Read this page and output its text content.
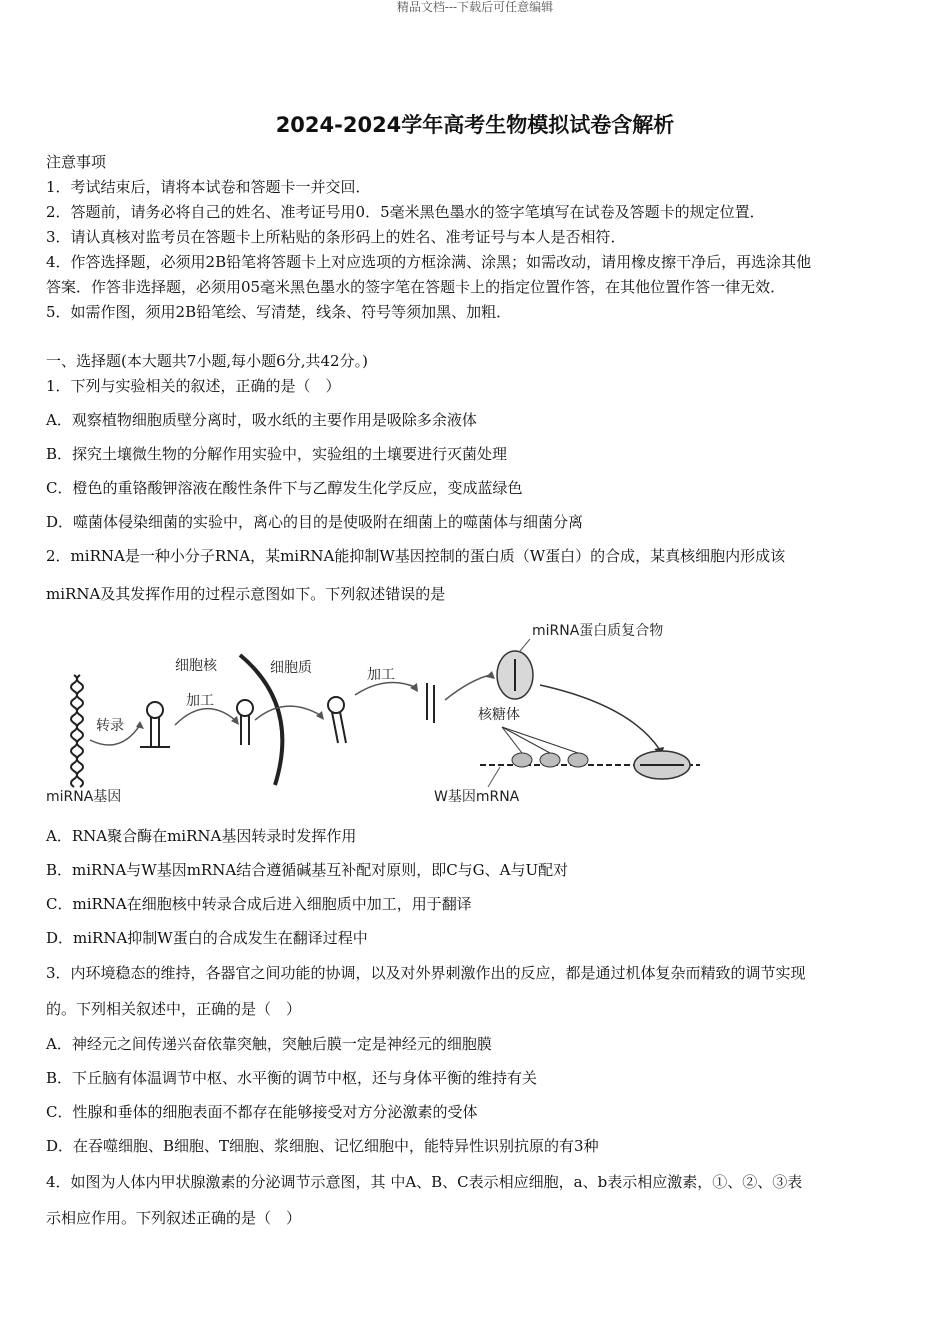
精品文档---下载后可任意编辑
2024-2024学年高考生物模拟试卷含解析
注意事项
1．考试结束后，请将本试卷和答题卡一并交回．
2．答题前，请务必将自己的姓名、准考证号用0．5毫米黑色墨水的签字笔填写在试卷及答题卡的规定位置．
3．请认真核对监考员在答题卡上所粘贴的条形码上的姓名、准考证号与本人是否相符．
4．作答选择题，必须用2B铅笔将答题卡上对应选项的方框涂满、涂黑；如需改动，请用橡皮擦干净后，再选涂其他
答案．作答非选择题，必须用05毫米黑色墨水的签字笔在答题卡上的指定位置作答，在其他位置作答一律无效．
5．如需作图，须用2B铅笔绘、写清楚，线条、符号等须加黑、加粗．
一、选择题(本大题共7小题,每小题6分,共42分。)
1．下列与实验相关的叙述，正确的是（　）
A．观察植物细胞质壁分离时，吸水纸的主要作用是吸除多余液体
B．探究土壤微生物的分解作用实验中，实验组的土壤要进行灭菌处理
C．橙色的重铬酸钾溶液在酸性条件下与乙醇发生化学反应，变成蓝绿色
D．噬菌体侵染细菌的实验中，离心的目的是使吸附在细菌上的噬菌体与细菌分离
2．miRNA是一种小分子RNA，某miRNA能抑制W基因控制的蛋白质（W蛋白）的合成，某真核细胞内形成该
miRNA及其发挥作用的过程示意图如下。下列叙述错误的是
转录
加工
细胞核	细胞质	加工
miRNA蛋白质复合物
核糖体
miRNA基因	W基因mRNA
A．RNA聚合酶在miRNA基因转录时发挥作用
B．miRNA与W基因mRNA结合遵循碱基互补配对原则，即C与G、A与U配对
C．miRNA在细胞核中转录合成后进入细胞质中加工，用于翻译
D．miRNA抑制W蛋白的合成发生在翻译过程中
3．内环境稳态的维持，各器官之间功能的协调，以及对外界刺激作出的反应，都是通过机体复杂而精致的调节实现
的。下列相关叙述中，正确的是（　）
A．神经元之间传递兴奋依靠突触，突触后膜一定是神经元的细胞膜
B．下丘脑有体温调节中枢、水平衡的调节中枢，还与身体平衡的维持有关
C．性腺和垂体的细胞表面不都存在能够接受对方分泌激素的受体
D．在吞噬细胞、B细胞、T细胞、浆细胞、记忆细胞中，能特异性识别抗原的有3种
4．如图为人体内甲状腺激素的分泌调节示意图，其 中A、B、C表示相应细胞，a、b表示相应激素，①、②、③表
示相应作用。下列叙述正确的是（　）
